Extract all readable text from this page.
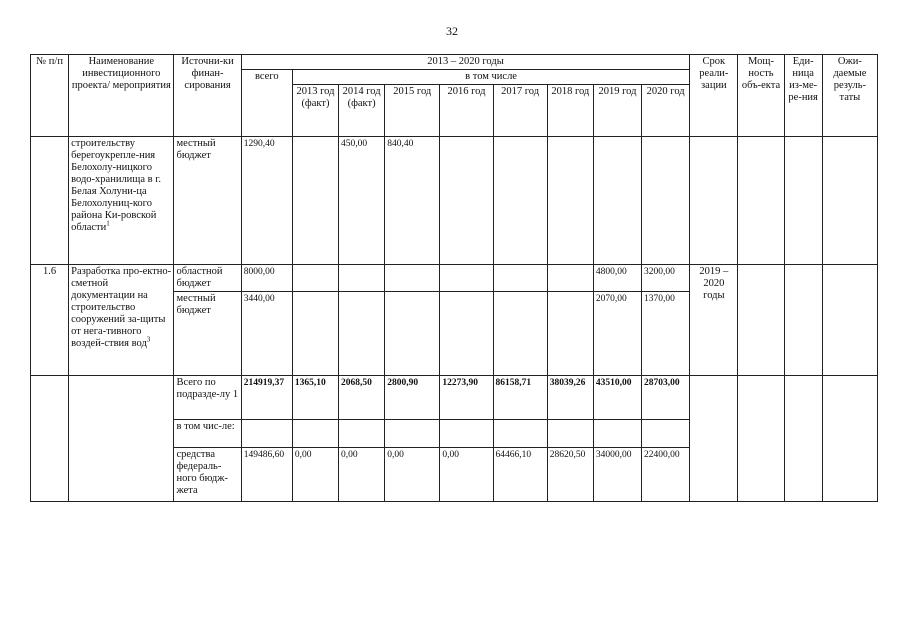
32
№ п/п	Наименование инвестиционного проекта/ мероприятия	Источни-ки финан-сирования	2013 – 2020 годы									Срок реали-зации	Мощ-ность объ-екта	Еди-ница из-ме-ре-ния	Ожи-даемые резуль-таты
			всего	в том числе											
				2013 год (факт)	2014 год (факт)	2015 год	2016 год	2017 год	2018 год	2019 год	2020 год				
	строительству берегоукрепле-ния Белохолу-ницкого водо-хранилища в г. Белая Холуни-ца Белохолуниц-кого района Ки-ровской области$^1$	местный бюджет	1290,40		450,00	840,40									
1.6	Разработка про-ектно-сметной документации на строительство сооружений за-щиты от нега-тивного воздей-ствия вод$^3$	областной бюджет	8000,00							4800,00	3200,00	2019 – 2020 годы			
		местный бюджет	3440,00							2070,00	1370,00				
		Всего по подразде-лу 1	214919,37	1365,10	2068,50	2800,90	12273,90	86158,71	38039,26	43510,00	28703,00				
		в том чис-ле:													
		средства федераль-ного бюдж-жета	149486,60	0,00	0,00	0,00	0,00	64466,10	28620,50	34000,00	22400,00				
